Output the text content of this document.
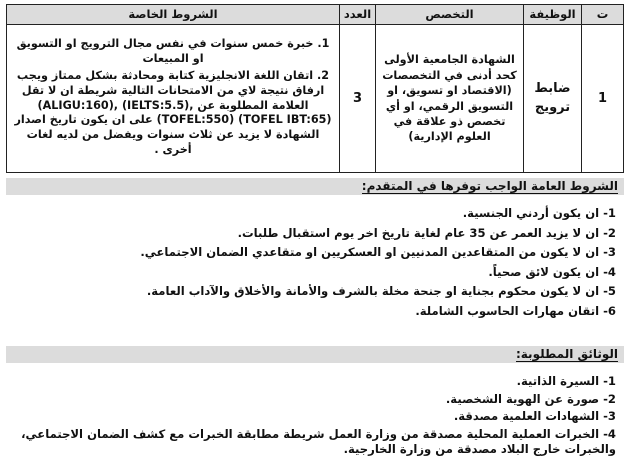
ت	الوظيفة	التخصص	العدد	الشروط الخاصة
1	ضابط ترويج	الشهادة الجامعية الأولى كحد أدنى في التخصصات (الاقتصاد او تسويق، او التسويق الرقمي، او أي تخصص ذو علاقة في العلوم الإدارية)	3	1. خبرة خمس سنوات في نفس مجال الترويج او التسويق او المبيعات

2. اتقان اللغة الانجليزية كتابة ومحادثة بشكل ممتاز ويجب ارفاق نتيجة لاي من الامتحانات التالية شريطة ان لا تقل العلامة المطلوبة عن (ALIGU:160), (IELTS:5.5), (TOFEL:550) (TOFEL IBT:65) على ان يكون تاريخ اصدار الشهادة لا يزيد عن ثلاث سنوات ويفضل من لديه لغات أخرى .

الشروط العامة الواجب توفرها في المتقدم:
1- ان يكون أردني الجنسية.
2- ان لا يزيد العمر عن 35 عام لغاية تاريخ اخر يوم استقبال طلبات.
3- ان لا يكون من المتقاعدين المدنيين او العسكريين او متقاعدي الضمان الاجتماعي.
4- ان يكون لائق صحياً.
5- ان لا يكون محكوم بجناية او جنحة مخلة بالشرف والأمانة والأخلاق والآداب العامة.
6- اتقان مهارات الحاسوب الشاملة.
الوثائق المطلوبة:
1- السيرة الذاتية.
2- صورة عن الهوية الشخصية.
3- الشهادات العلمية مصدقة.
4- الخبرات العملية المحلية مصدقة من وزارة العمل شريطة مطابقة الخبرات مع كشف الضمان الاجتماعي، والخبرات خارج البلاد مصدقة من وزارة الخارجية.
